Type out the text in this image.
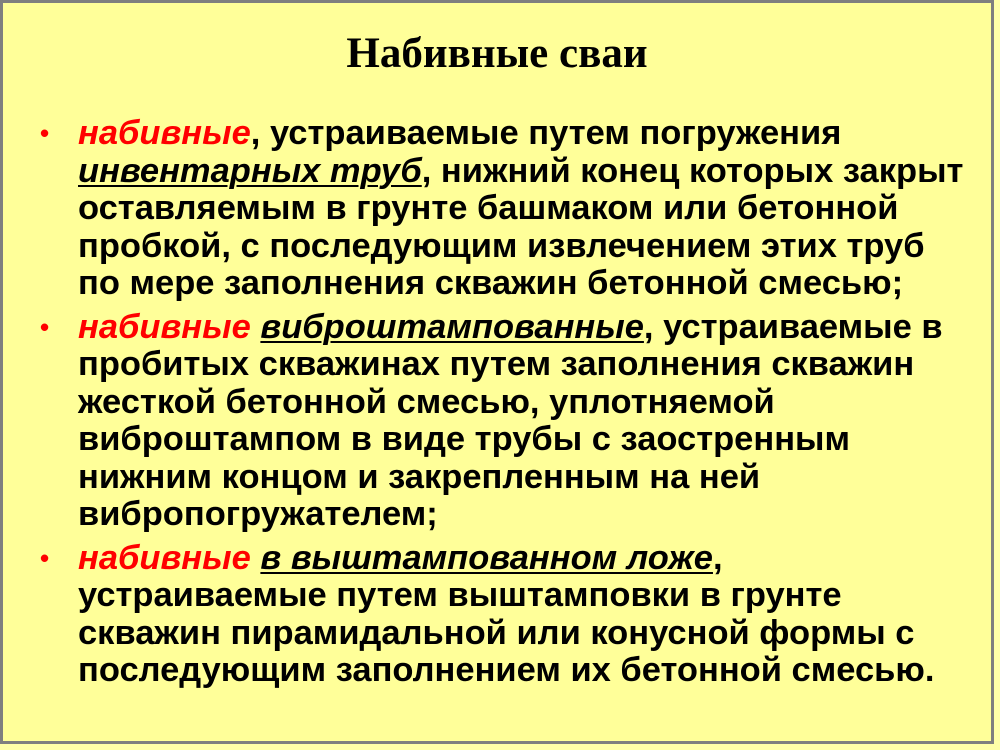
Набивные сваи
• набивные, устраиваемые путем погружения инвентарных труб, нижний конец которых закрыт оставляемым в грунте башмаком или бетонной пробкой, с последующим извлечением этих труб по мере заполнения скважин бетонной смесью;
• набивные виброштампованные, устраиваемые в пробитых скважинах путем заполнения скважин жесткой бетонной смесью, уплотняемой виброштампом в виде трубы с заостренным нижним концом и закрепленным на ней вибропогружателем;
• набивные в выштампованном ложе, устраиваемые путем выштамповки в грунте скважин пирамидальной или конусной формы с последующим заполнением их бетонной смесью.
